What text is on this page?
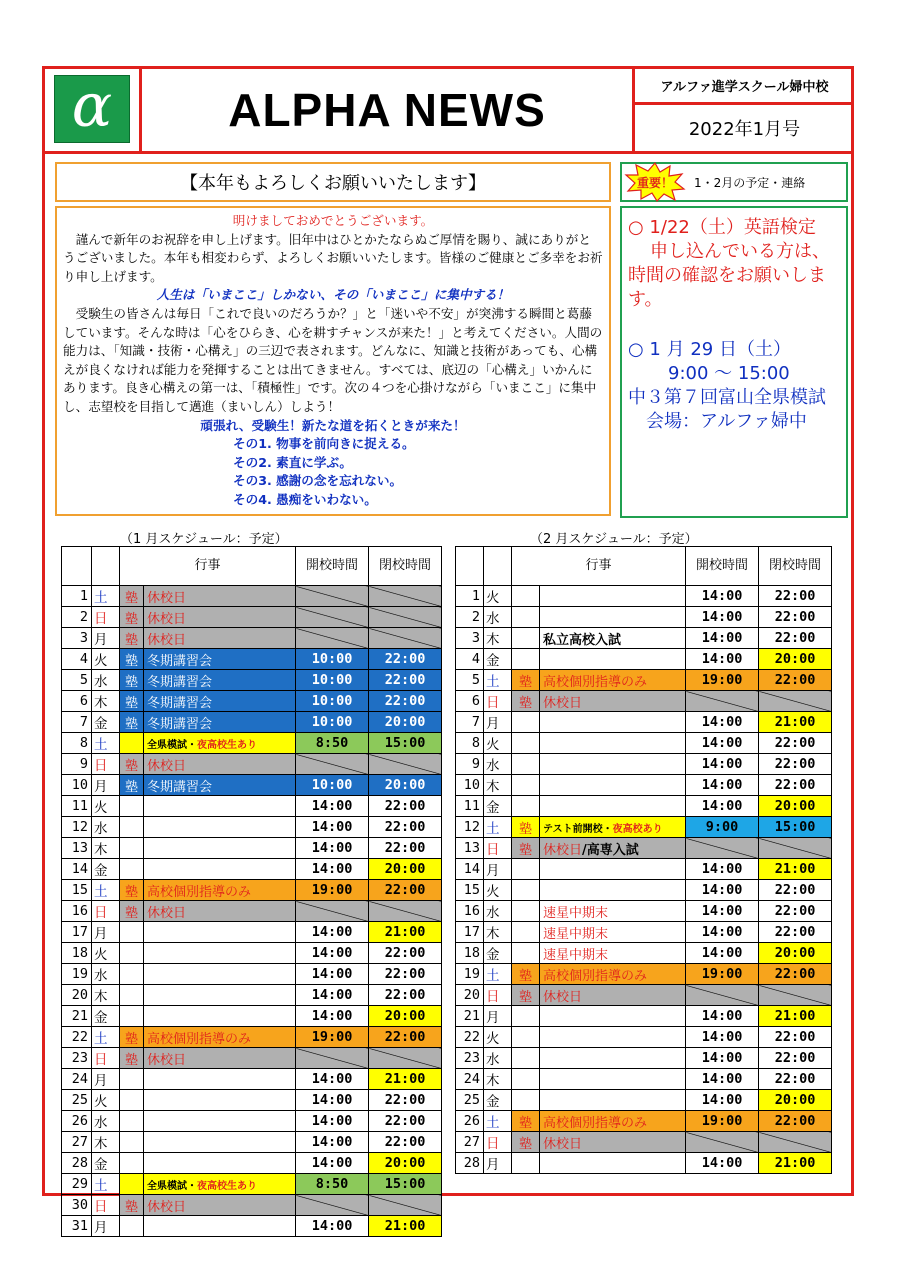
α	ALPHA NEWS	アルファ進学スクール婦中校
2022年1月号
【本年もよろしくお願いいたします】

明けましておめでとうございます。

謹んで新年のお祝辞を申し上げます。旧年中はひとかたならぬご厚情を賜り、誠にありがとうございました。本年も相変わらず、よろしくお願いいたします。皆様のご健康とご多幸をお祈り申し上げます。

人生は「いまここ」しかない、その「いまここ」に集中する！

受験生の皆さんは毎日「これで良いのだろうか？」と「迷いや不安」が突沸する瞬間と葛藤しています。そんな時は「心をひらき、心を耕すチャンスが来た！」と考えてください。人間の能力は、「知識・技術・心構え」の三辺で表されます。どんなに、知識と技術があっても、心構えが良くなければ能力を発揮することは出てきません。すべては、底辺の「心構え」いかんにあります。良き心構えの第一は、「積極性」です。次の４つを心掛けながら「いまここ」に集中し、志望校を目指して邁進（まいしん）しよう！

頑張れ、受験生！新たな道を拓くときが来た！

その1. 物事を前向きに捉える。

その2. 素直に学ぶ。

その3. 感謝の念を忘れない。

その4. 愚痴をいわない。

重要！ 1・2月の予定・連絡
○ 1/22（土）英語検定
申し込んでいる方は、
時間の確認をお願いします。
○ 1 月 29 日（土）
9:00 ～ 15:00
中３第７回富山全県模試
会場：アルファ婦中
（1 月スケジュール：予定）	（2 月スケジュール：予定）
		行事		開校時間	閉校時間
1	土	塾	休校日		
2	日	塾	休校日		
3	月	塾	休校日		
4	火	塾	冬期講習会	10:00	22:00
5	水	塾	冬期講習会	10:00	22:00
6	木	塾	冬期講習会	10:00	22:00
7	金	塾	冬期講習会	10:00	20:00
8	土		全県模試・夜高校生あり	8:50	15:00
9	日	塾	休校日		
10	月	塾	冬期講習会	10:00	20:00
11	火			14:00	22:00
12	水			14:00	22:00
13	木			14:00	22:00
14	金			14:00	20:00
15	土	塾	高校個別指導のみ	19:00	22:00
16	日	塾	休校日		
17	月			14:00	21:00
18	火			14:00	22:00
19	水			14:00	22:00
20	木			14:00	22:00
21	金			14:00	20:00
22	土	塾	高校個別指導のみ	19:00	22:00
23	日	塾	休校日		
24	月			14:00	21:00
25	火			14:00	22:00
26	水			14:00	22:00
27	木			14:00	22:00
28	金			14:00	20:00
29	土		全県模試・夜高校生あり	8:50	15:00
30	日	塾	休校日		
31	月			14:00	21:00
		行事		開校時間	閉校時間
1	火			14:00	22:00
2	水			14:00	22:00
3	木		私立高校入試	14:00	22:00
4	金			14:00	20:00
5	土	塾	高校個別指導のみ	19:00	22:00
6	日	塾	休校日		
7	月			14:00	21:00
8	火			14:00	22:00
9	水			14:00	22:00
10	木			14:00	22:00
11	金			14:00	20:00
12	土	塾	テスト前開校・夜高校あり	9:00	15:00
13	日	塾	休校日/高専入試		
14	月			14:00	21:00
15	火			14:00	22:00
16	水		速星中期末	14:00	22:00
17	木		速星中期末	14:00	22:00
18	金		速星中期末	14:00	20:00
19	土	塾	高校個別指導のみ	19:00	22:00
20	日	塾	休校日		
21	月			14:00	21:00
22	火			14:00	22:00
23	水			14:00	22:00
24	木			14:00	22:00
25	金			14:00	20:00
26	土	塾	高校個別指導のみ	19:00	22:00
27	日	塾	休校日		
28	月			14:00	21:00
